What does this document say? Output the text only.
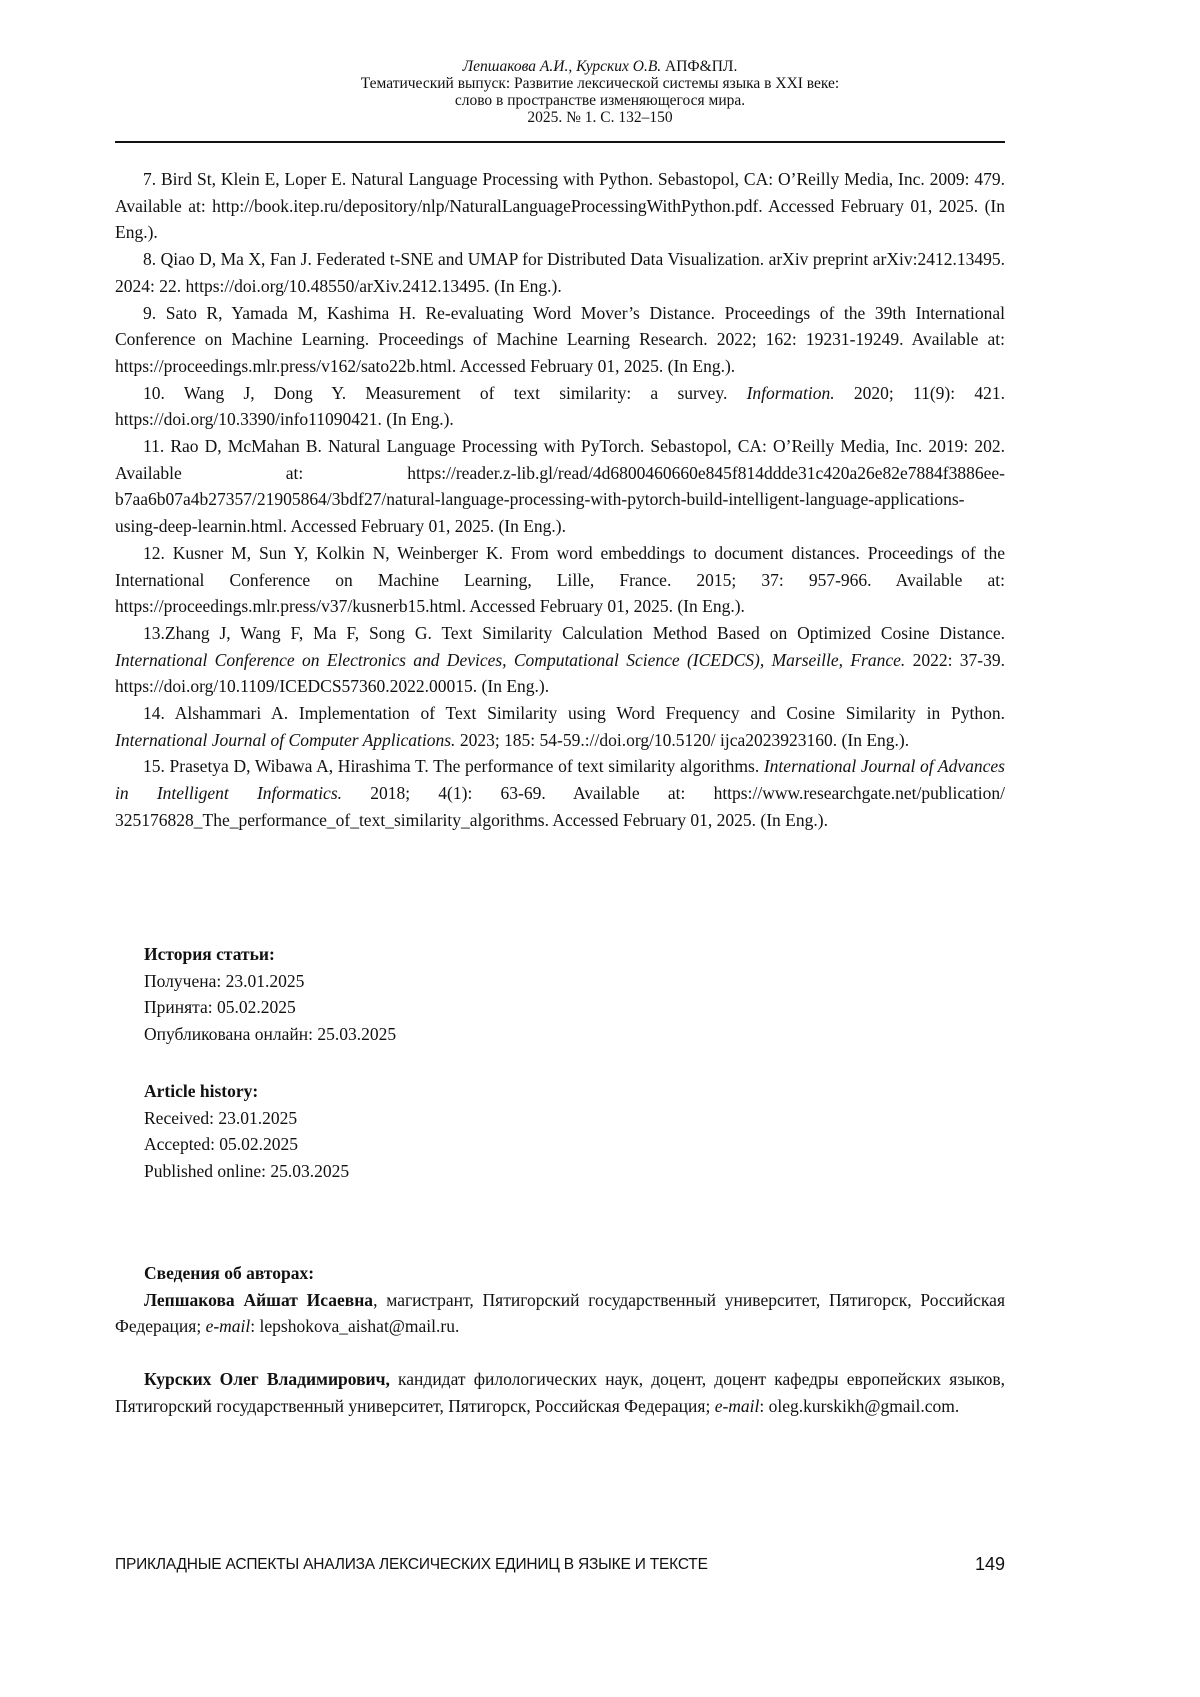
Лепшакова А.И., Курских О.В. АПФ&ПЛ.
Тематический выпуск: Развитие лексической системы языка в XXI веке:
слово в пространстве изменяющегося мира.
2025. № 1. С. 132–150

7. Bird St, Klein E, Loper E. Natural Language Processing with Python. Sebastopol, CA: O’Reilly Media, Inc. 2009: 479. Available at: http://book.itep.ru/depository/nlp/NaturalLanguageProcessingWithPython.pdf. Accessed February 01, 2025. (In Eng.).

8. Qiao D, Ma X, Fan J. Federated t-SNE and UMAP for Distributed Data Visualization. arXiv preprint arXiv:2412.13495. 2024: 22. https://doi.org/10.48550/arXiv.2412.13495. (In Eng.).

9. Sato R, Yamada M, Kashima H. Re-evaluating Word Mover’s Distance. Proceedings of the 39th International Conference on Machine Learning. Proceedings of Machine Learning Research. 2022; 162: 19231-19249. Available at: https://proceedings.mlr.press/v162/sato22b.html. Accessed February 01, 2025. (In Eng.).

10. Wang J, Dong Y. Measurement of text similarity: a survey. Information. 2020; 11(9): 421. https://doi.org/10.3390/info11090421. (In Eng.).

11. Rao D, McMahan B. Natural Language Processing with PyTorch. Sebastopol, CA: O’Reilly Media, Inc. 2019: 202. Available at: https://reader.z-lib.gl/read/4d6800460660e845f814ddde31c420a26e82e7884f3886ee-b7aa6b07a4b27357/21905864/3bdf27/natural-language-processing-with-pytorch-build-intelligent-language-applications-using-deep-learnin.html. Accessed February 01, 2025. (In Eng.).

12. Kusner M, Sun Y, Kolkin N, Weinberger K. From word embeddings to document distances. Proceedings of the International Conference on Machine Learning, Lille, France. 2015; 37: 957-966. Available at: https://proceedings.mlr.press/v37/kusnerb15.html. Accessed February 01, 2025. (In Eng.).

13.Zhang J, Wang F, Ma F, Song G. Text Similarity Calculation Method Based on Optimized Cosine Distance. International Conference on Electronics and Devices, Computational Science (ICEDCS), Marseille, France. 2022: 37-39. https://doi.org/10.1109/ICEDCS57360.2022.00015. (In Eng.).

14. Alshammari A. Implementation of Text Similarity using Word Frequency and Cosine Similarity in Python. International Journal of Computer Applications. 2023; 185: 54-59.://doi.org/10.5120/ ijca2023923160. (In Eng.).

15. Prasetya D, Wibawa A, Hirashima T. The performance of text similarity algorithms. International Journal of Advances in Intelligent Informatics. 2018; 4(1): 63-69. Available at: https://www.researchgate.net/publication/ 325176828_The_performance_of_text_similarity_algorithms. Accessed February 01, 2025. (In Eng.).

История статьи:
Получена: 23.01.2025
Принята: 05.02.2025
Опубликована онлайн: 25.03.2025
Article history:
Received: 23.01.2025
Accepted: 05.02.2025
Published online: 25.03.2025

Сведения об авторах:

Лепшакова Айшат Исаевна, магистрант, Пятигорский государственный университет, Пятигорск, Российская Федерация; e-mail: lepshokova_aishat@mail.ru.

Курских Олег Владимирович, кандидат филологических наук, доцент, доцент кафедры европейских языков, Пятигорский государственный университет, Пятигорск, Российская Федерация; e-mail: oleg.kurskikh@gmail.com.

ПРИКЛАДНЫЕ АСПЕКТЫ АНАЛИЗА ЛЕКСИЧЕСКИХ ЕДИНИЦ В ЯЗЫКЕ И ТЕКСТЕ	149
